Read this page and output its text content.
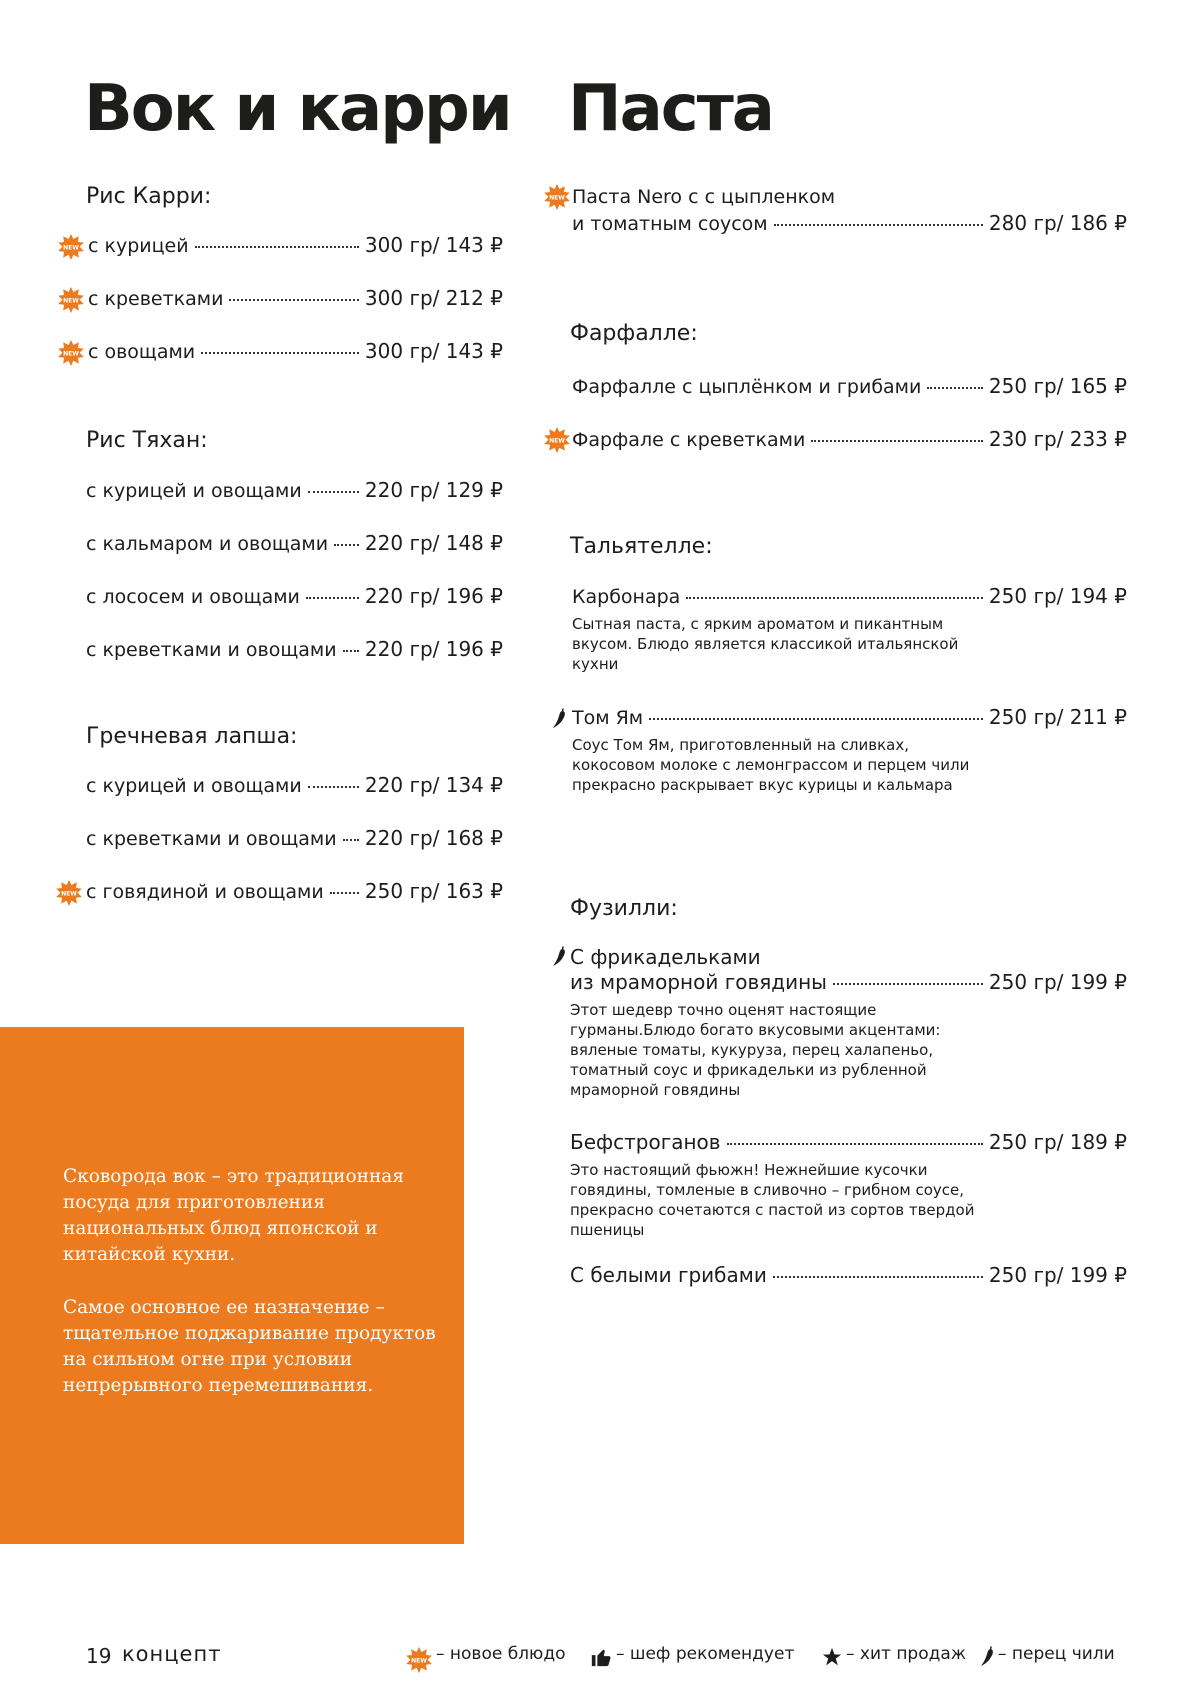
Вок и карри
Рис Карри:
с курицей	300 гр/ 143 ₽
с креветками	300 гр/ 212 ₽
с овощами	300 гр/ 143 ₽
Рис Тяхан:
с курицей и овощами	220 гр/ 129 ₽
с кальмаром и овощами 220 гр/ 148 ₽
с лососем и овощами	220 гр/ 196 ₽
с креветками и овощами 220 гр/ 196 ₽
Гречневая лапша:
с курицей и овощами	220 гр/ 134 ₽
с креветками и овощами 220 гр/ 168 ₽
с говядиной и овощами 250 гр/ 163 ₽

Сковорода вок – это традиционная посуда для приготовления национальных блюд японской и китайской кухни.

Самое основное ее назначение – тщательное поджаривание продуктов на сильном огне при условии непрерывного перемешивания.

Паста
Паста Nero с с цыпленком
и томатным соусом	280 гр/ 186 ₽
Фарфалле:
Фарфалле с цыплёнком и грибами	250 гр/ 165 ₽
Фарфале с креветками	230 гр/ 233 ₽
Тальятелле:
Карбонара	250 гр/ 194 ₽
Сытная паста, с ярким ароматом и пикантным вкусом. Блюдо является классикой итальянской кухни
Том Ям	250 гр/ 211 ₽
Соус Том Ям, приготовленный на сливках, кокосовом молоке с лемонграссом и перцем чили прекрасно раскрывает вкус курицы и кальмара
Фузилли:
С фрикадельками
из мраморной говядины	250 гр/ 199 ₽
Этот шедевр точно оценят настоящие гурманы.Блюдо богато вкусовыми акцентами: вяленые томаты, кукуруза, перец халапеньо, томатный соус и фрикадельки из рубленной мраморной говядины
Бефстроганов	250 гр/ 189 ₽
Это настоящий фьюжн! Нежнейшие кусочки говядины, томленые в сливочно – грибном соусе, прекрасно сочетаются с пастой из сортов твердой пшеницы
С белыми грибами	250 гр/ 199 ₽
19 концепт	– новое блюдо	– шеф рекомендует	– хит продаж – перец чили
